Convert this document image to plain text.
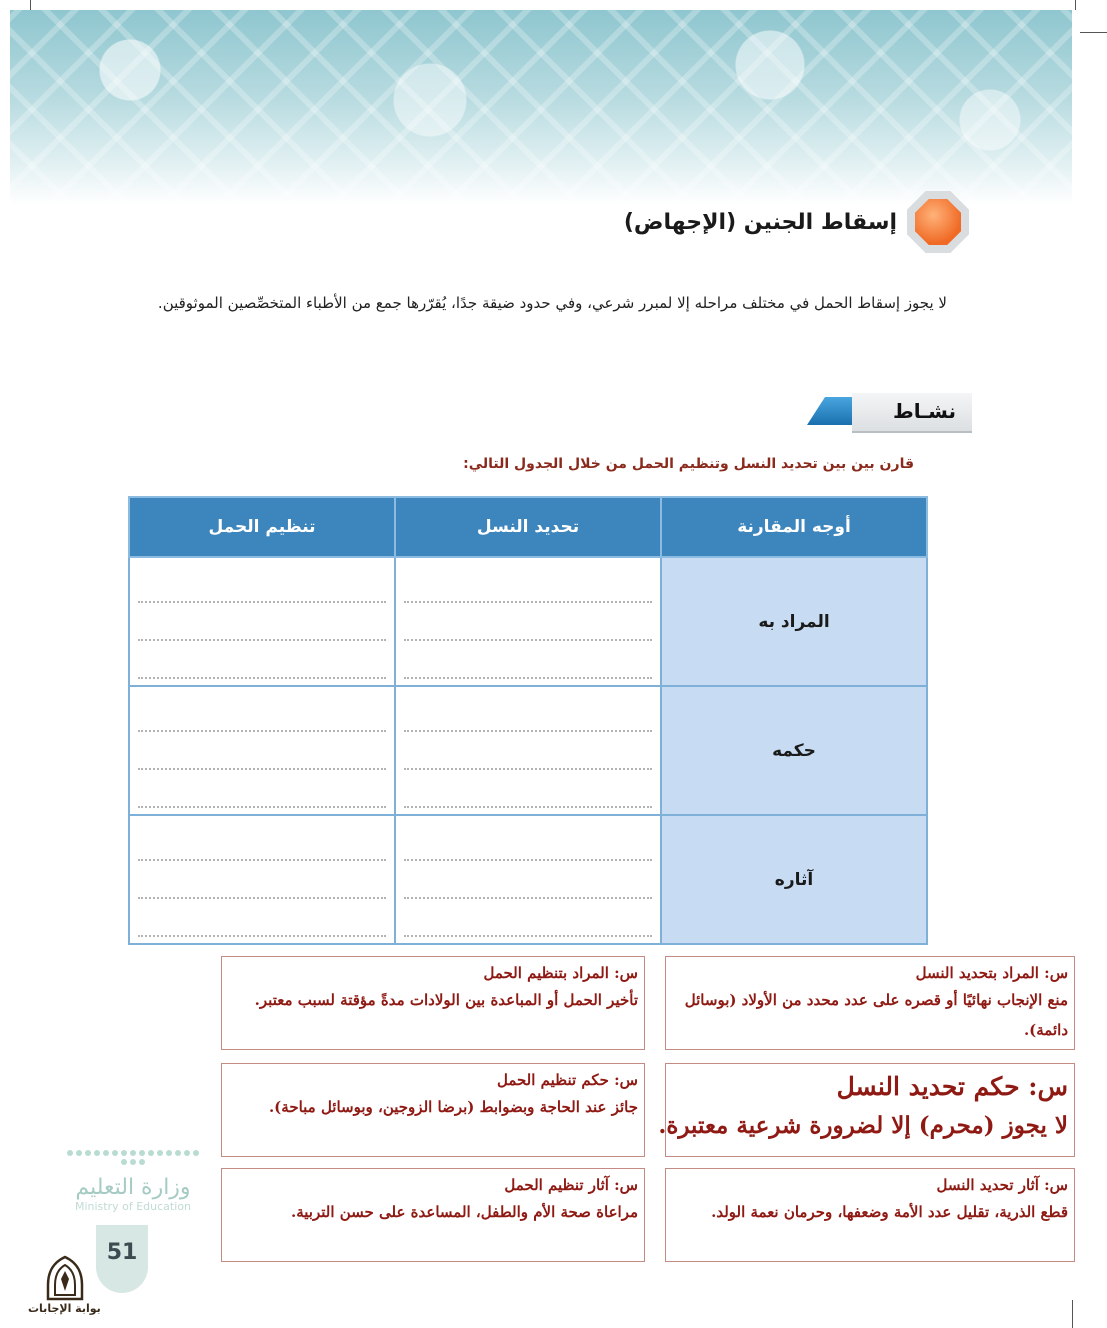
إسقاط الجنين (الإجهاض)

لا يجوز إسقاط الحمل في مختلف مراحله إلا لمبرر شرعي، وفي حدود ضيقة جدًا، يُقرّرها جمع من الأطباء المتخصِّصين الموثوقين.

نشـاط
قارن بين بين تحديد النسل وتنظيم الحمل من خلال الجدول التالي:
أوجه المقارنة	تحديد النسل	تنظيم الحمل
المراد به	

حكمه	

آثاره	

س: المراد بتحديد النسل
منع الإنجاب نهائيًا أو قصره على عدد محدد من الأولاد (بوسائل دائمة).
س: المراد بتنظيم الحمل
تأخير الحمل أو المباعدة بين الولادات مدةً مؤقتة لسبب معتبر.
س: حكم تحديد النسل
لا يجوز (محرم) إلا لضرورة شرعية معتبرة.
س: حكم تنظيم الحمل
جائز عند الحاجة وبضوابط (برضا الزوجين، وبوسائل مباحة).
س: آثار تحديد النسل
قطع الذرية، تقليل عدد الأمة وضعفها، وحرمان نعمة الولد.
س: آثار تنظيم الحمل
مراعاة صحة الأم والطفل، المساعدة على حسن التربية.
وزارة التعليم
Ministry of Education
51
بوابة الإجابات
